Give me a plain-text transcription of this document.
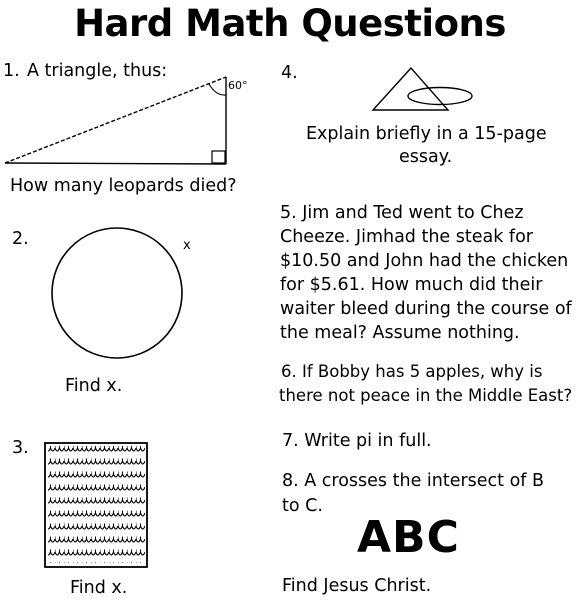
Hard Math Questions
1. A triangle, thus:
60°
How many leopards died?
2.	x
Find x.
3.
Find x.
4.
Explain briefly in a 15-page
essay.
5. Jim and Ted went to Chez Cheeze. Jimhad the steak for $10.50 and John had the chicken for $5.61. How much did their waiter bleed during the course of the meal? Assume nothing.
6. If Bobby has 5 apples, why is
there not peace in the Middle East?
7. Write pi in full.
8. A crosses the intersect of B
to C.
ABC
Find Jesus Christ.
